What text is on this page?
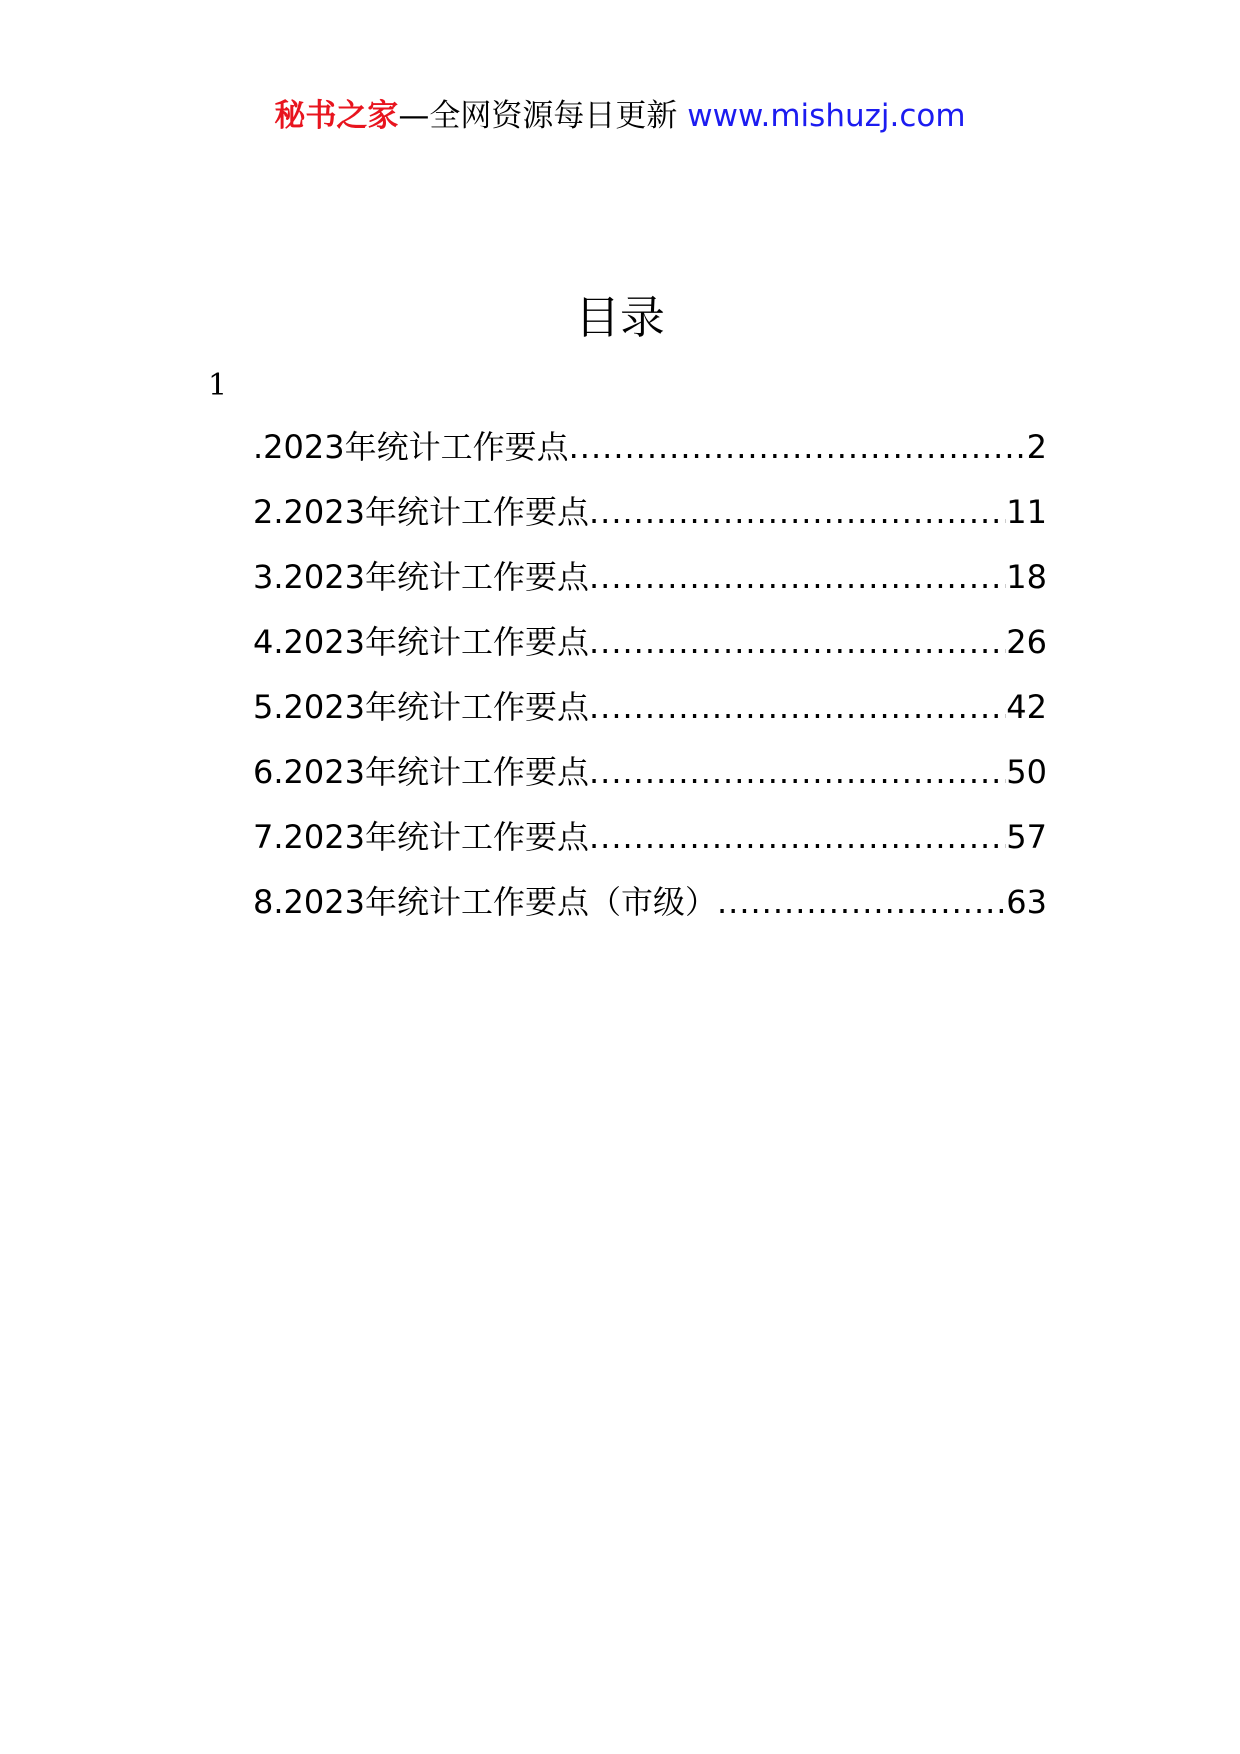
秘书之家—全网资源每日更新 www.mishuzj.com
目录
1
.2023年统计工作要点 .....	2
2.2023年统计工作要点 .....	11
3.2023年统计工作要点 .....	18
4.2023年统计工作要点 .....	26
5.2023年统计工作要点 .....	42
6.2023年统计工作要点 .....	50
7.2023年统计工作要点 .....	57
8.2023年统计工作要点（市级） .....	63
